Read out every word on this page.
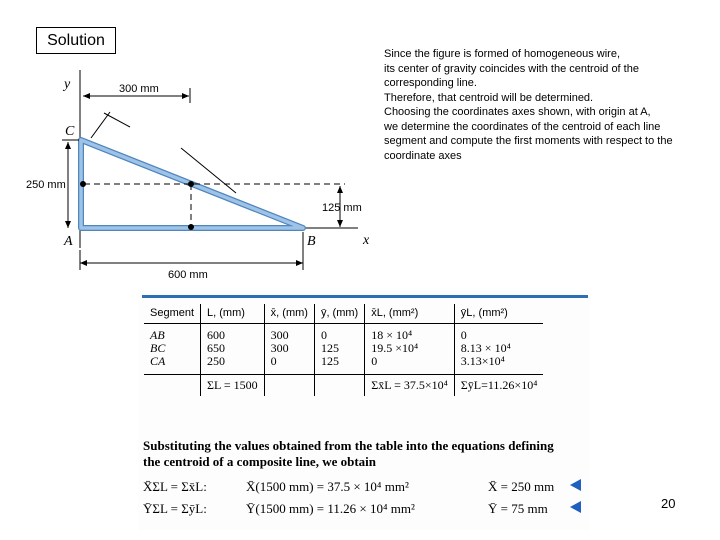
Solution
Since the figure is formed of homogeneous wire,
its center of gravity coincides with the centroid of the
corresponding line.
Therefore, that centroid will be determined.
Choosing the coordinates axes shown, with origin at A,
we determine the coordinates of the centroid of each line
segment and compute the first moments with respect to the
coordinate axes
300 mm
250 mm
125 mm
600 mm
y
C
A	B	x
Segment	L, (mm)	x̄, (mm)	ȳ, (mm)	x̄L, (mm²)	ȳL, (mm²)
AB	600	300	0	18 × 10⁴	0
BC	650	300	125	19.5 ×10⁴	8.13 × 10⁴
CA	250	0	125	0	3.13×10⁴
	ΣL = 1500			Σx̄L = 37.5×10⁴	ΣȳL=11.26×10⁴
Substituting the values obtained from the table into the equations defining
the centroid of a composite line, we obtain
X̄ΣL = Σx̄L:	X̄(1500 mm) = 37.5 × 10⁴ mm²	X̄ = 250 mm
ȲΣL = ΣȳL:	Ȳ(1500 mm) = 11.26 × 10⁴ mm²	Ȳ = 75 mm	20
